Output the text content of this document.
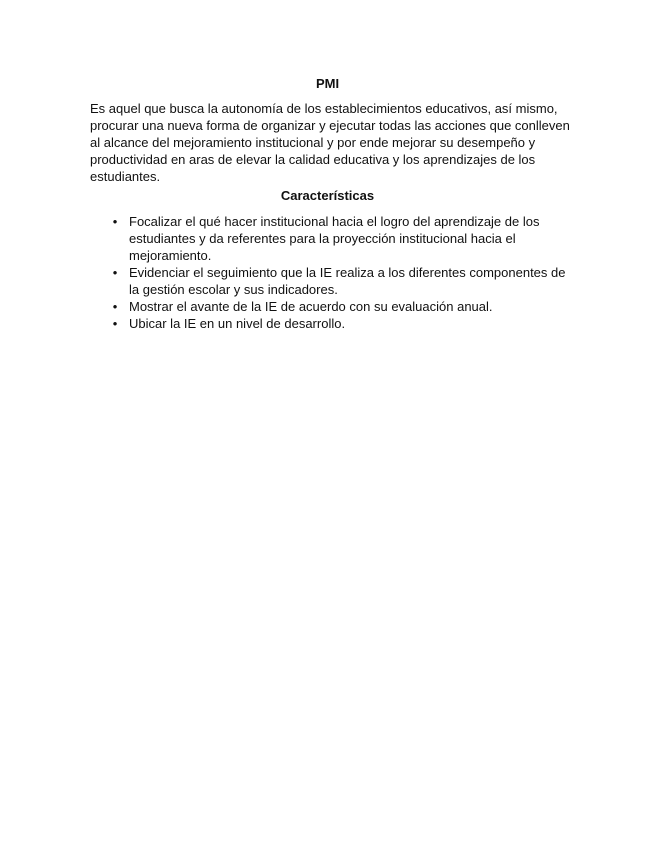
PMI

Es aquel que busca la autonomía de los establecimientos educativos, así mismo, procurar una nueva forma de organizar y ejecutar todas las acciones que conlleven al alcance del mejoramiento institucional y por ende mejorar su desempeño y productividad en aras de elevar la calidad educativa y los aprendizajes de los estudiantes.

Características
• Focalizar el qué hacer institucional hacia el logro del aprendizaje de los estudiantes y da referentes para la proyección institucional hacia el mejoramiento.
• Evidenciar el seguimiento que la IE realiza a los diferentes componentes de la gestión escolar y sus indicadores.
• Mostrar el avante de la IE de acuerdo con su evaluación anual.
• Ubicar la IE en un nivel de desarrollo.
